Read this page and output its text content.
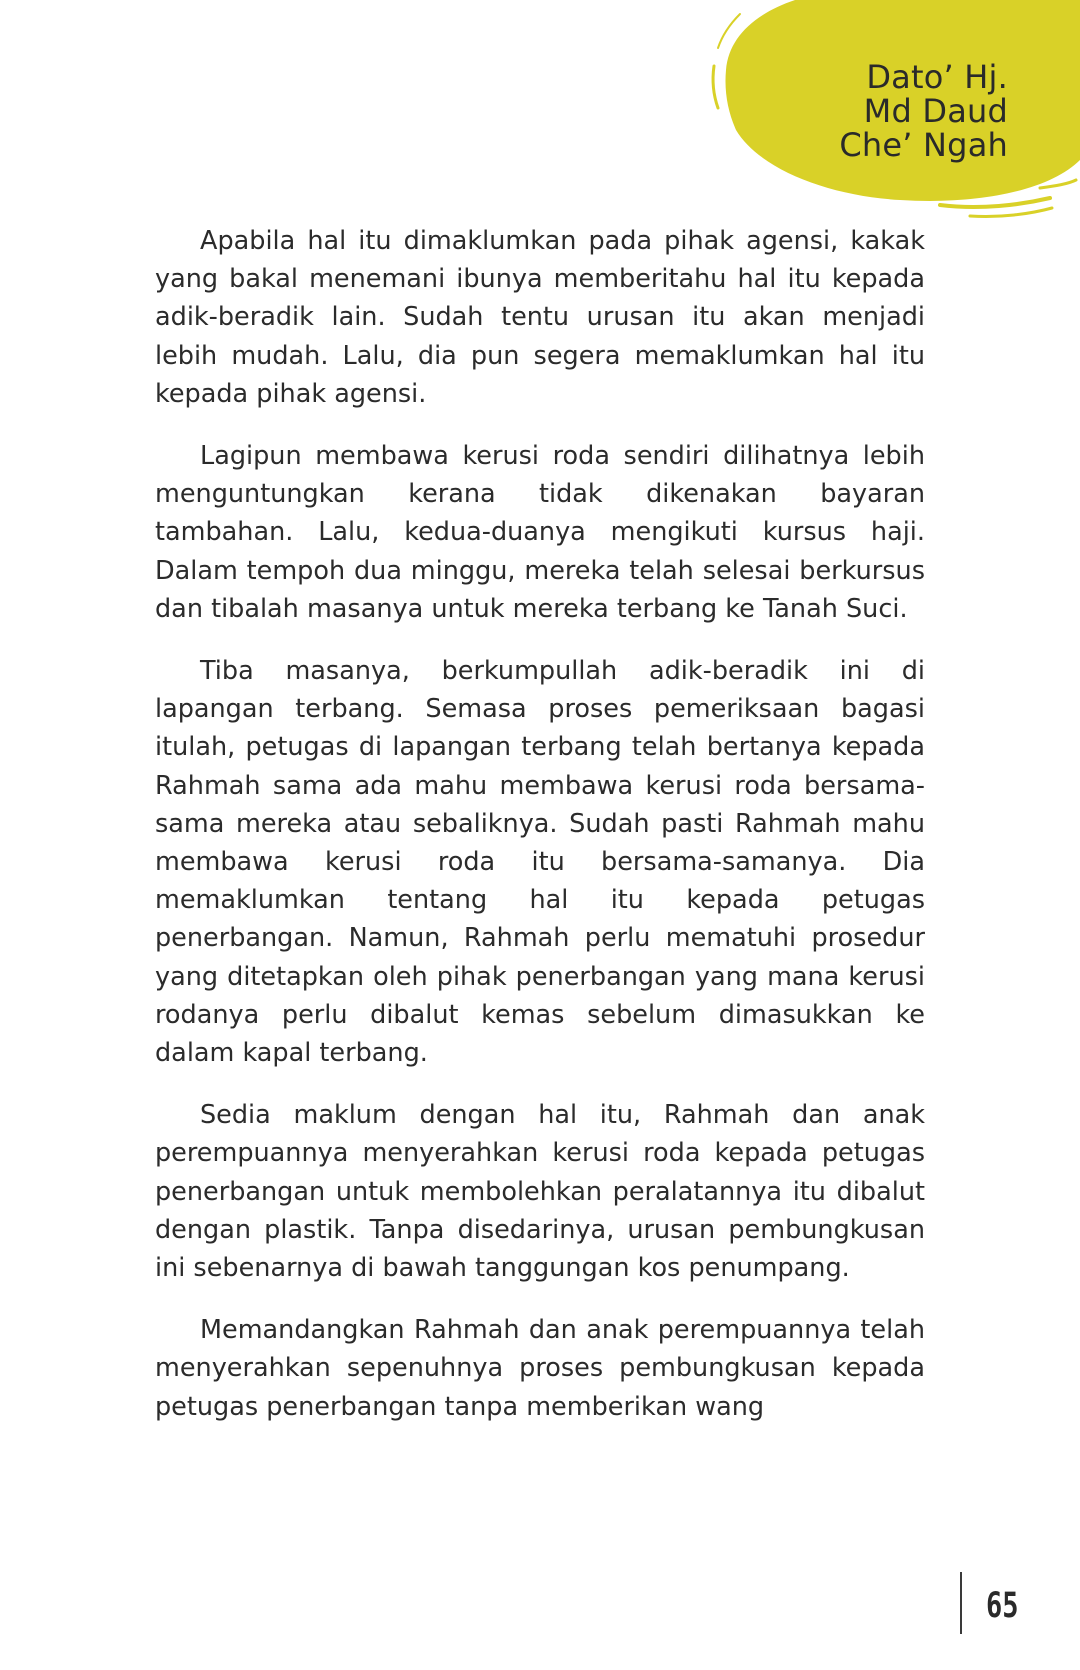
Dato’ Hj.
Md Daud
Che’ Ngah

Apabila hal itu dimaklumkan pada pihak agensi, kakak yang bakal menemani ibunya memberitahu hal itu kepada adik-beradik lain. Sudah tentu urusan itu akan menjadi lebih mudah. Lalu, dia pun segera memaklumkan hal itu kepada pihak agensi.

Lagipun membawa kerusi roda sendiri dilihatnya lebih menguntungkan kerana tidak dikenakan bayaran tambahan. Lalu, kedua-duanya mengikuti kursus haji. Dalam tempoh dua minggu, mereka telah selesai berkursus dan tibalah masanya untuk mereka terbang ke Tanah Suci.

Tiba masanya, berkumpullah adik-beradik ini di lapangan terbang. Semasa proses pemeriksaan bagasi itulah, petugas di lapangan terbang telah bertanya kepada Rahmah sama ada mahu membawa kerusi roda bersama-sama mereka atau sebaliknya. Sudah pasti Rahmah mahu membawa kerusi roda itu bersama-samanya. Dia memaklumkan tentang hal itu kepada petugas penerbangan. Namun, Rahmah perlu mematuhi prosedur yang ditetapkan oleh pihak penerbangan yang mana kerusi rodanya perlu dibalut kemas sebelum dimasukkan ke dalam kapal terbang.

Sedia maklum dengan hal itu, Rahmah dan anak perempuannya menyerahkan kerusi roda kepada petugas penerbangan untuk membolehkan peralatannya itu dibalut dengan plastik. Tanpa disedarinya, urusan pembungkusan ini sebenarnya di bawah tanggungan kos penumpang.

Memandangkan Rahmah dan anak perempuannya telah menyerahkan sepenuhnya proses pembungkusan kepada petugas penerbangan tanpa memberikan wang

65
